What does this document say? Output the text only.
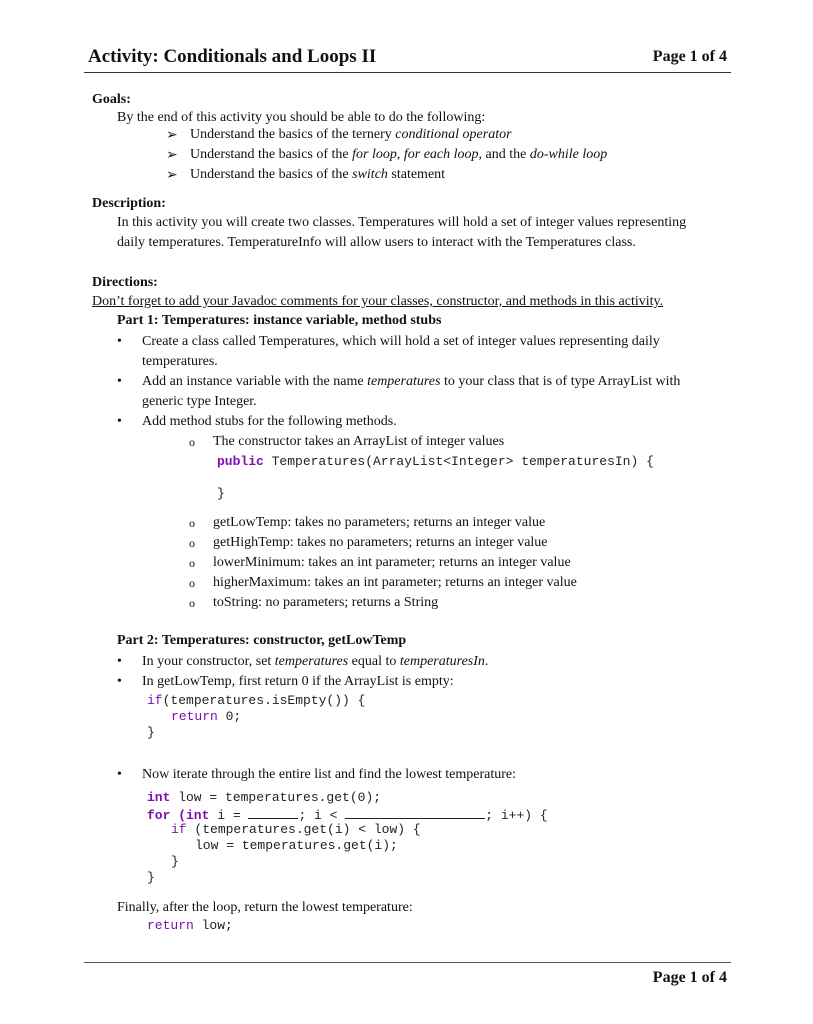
Activity: Conditionals and Loops II	Page 1 of 4
Goals:
By the end of this activity you should be able to do the following:
➢ Understand the basics of the ternery conditional operator
➢ Understand the basics of the for loop, for each loop, and the do-while loop
➢ Understand the basics of the switch statement
Description:
In this activity you will create two classes. Temperatures will hold a set of integer values representing
daily temperatures. TemperatureInfo will allow users to interact with the Temperatures class.
Directions:
Don’t forget to add your Javadoc comments for your classes, constructor, and methods in this activity.
Part 1: Temperatures: instance variable, method stubs
• Create a class called Temperatures, which will hold a set of integer values representing daily
temperatures.
• Add an instance variable with the name temperatures to your class that is of type ArrayList with
generic type Integer.
• Add method stubs for the following methods.
o The constructor takes an ArrayList of integer values
public Temperatures(ArrayList<Integer> temperaturesIn) {
}
o getLowTemp: takes no parameters; returns an integer value
o getHighTemp: takes no parameters; returns an integer value
o lowerMinimum: takes an int parameter; returns an integer value
o higherMaximum: takes an int parameter; returns an integer value
o toString: no parameters; returns a String
Part 2: Temperatures: constructor, getLowTemp
• In your constructor, set temperatures equal to temperaturesIn.
• In getLowTemp, first return 0 if the ArrayList is empty:
if(temperatures.isEmpty()) {
return 0;
}
• Now iterate through the entire list and find the lowest temperature:
int low = temperatures.get(0);
for (int i =	; i <	; i++) {
if (temperatures.get(i) < low) {
low = temperatures.get(i);
}
}
Finally, after the loop, return the lowest temperature:
return low;
Page 1 of 4
